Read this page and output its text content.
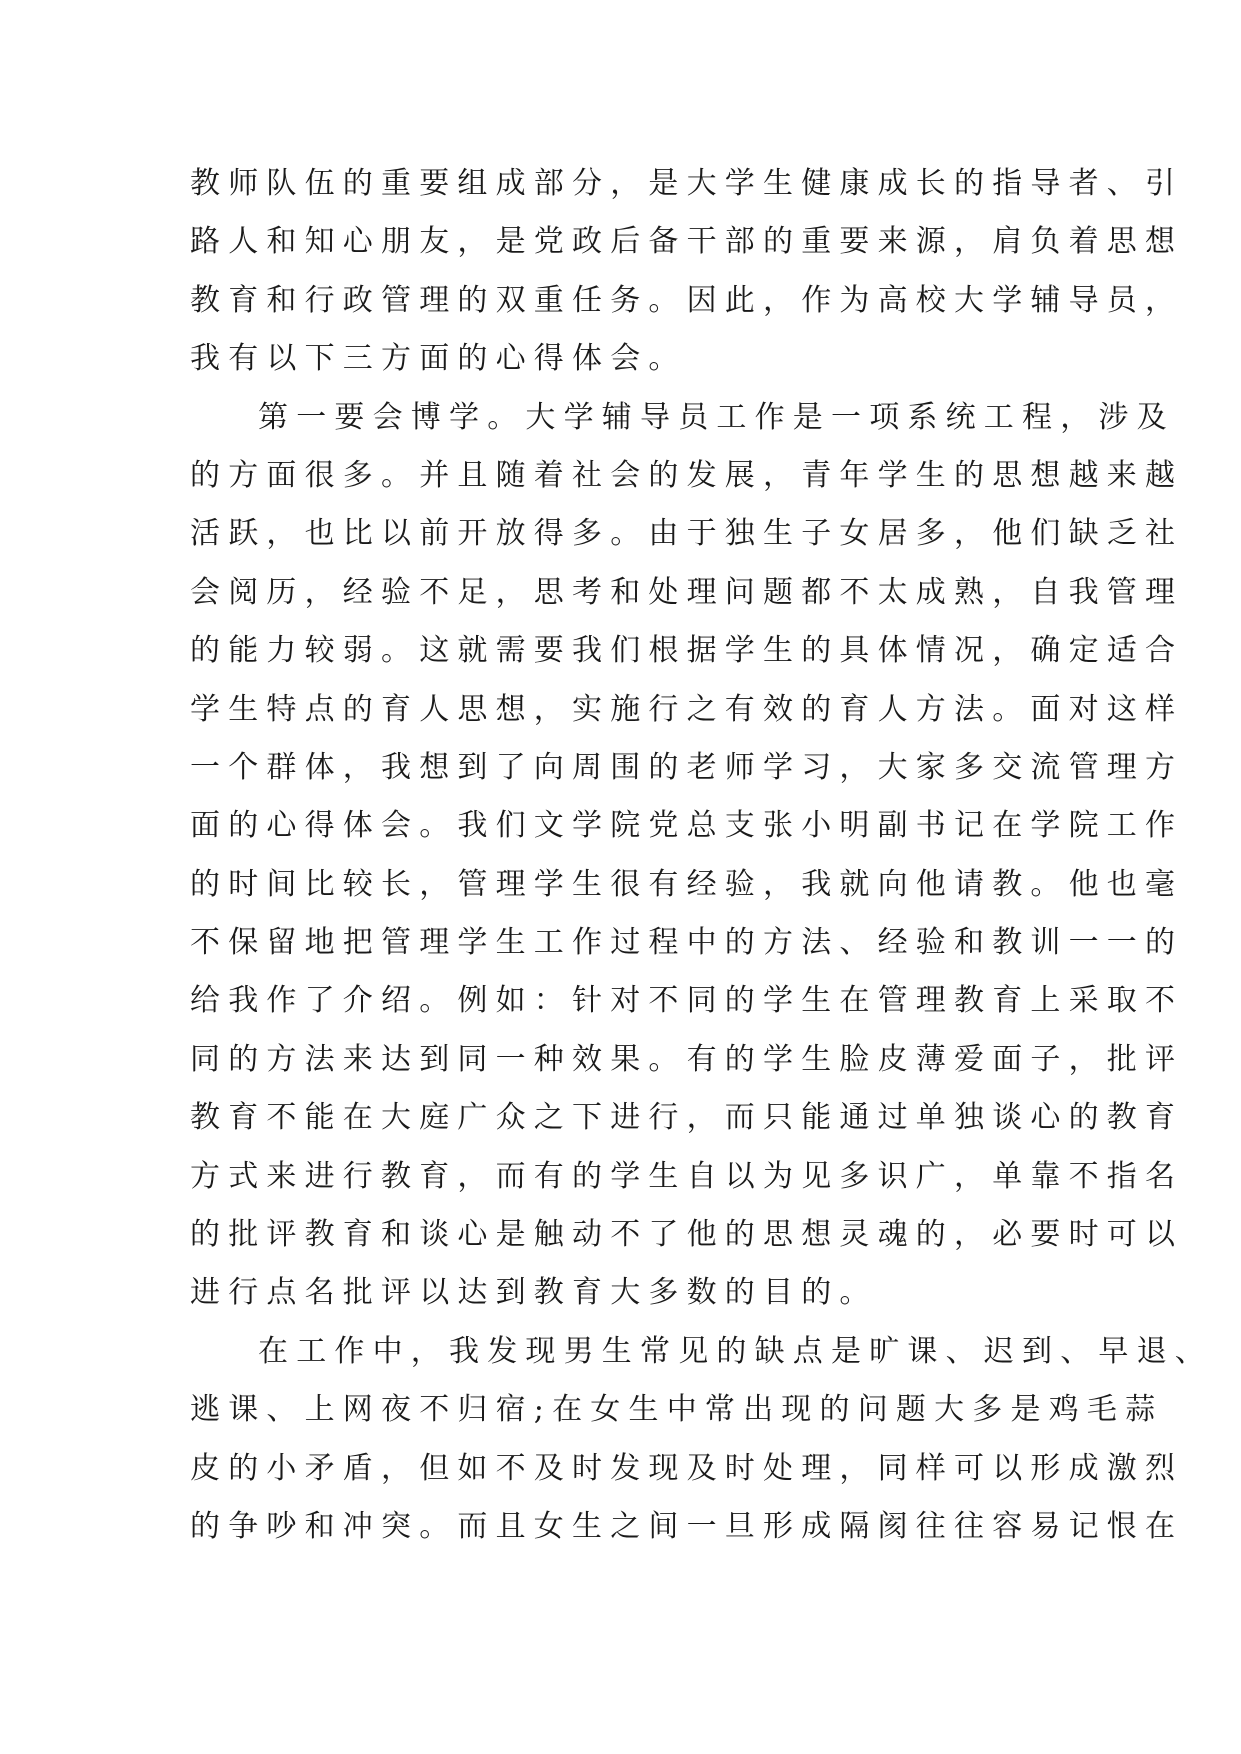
教师队伍的重要组成部分，是大学生健康成长的指导者、引
路人和知心朋友，是党政后备干部的重要来源，肩负着思想
教育和行政管理的双重任务。因此，作为高校大学辅导员，
我有以下三方面的心得体会。
第一要会博学。大学辅导员工作是一项系统工程，涉及
的方面很多。并且随着社会的发展，青年学生的思想越来越
活跃，也比以前开放得多。由于独生子女居多，他们缺乏社
会阅历，经验不足，思考和处理问题都不太成熟，自我管理
的能力较弱。这就需要我们根据学生的具体情况，确定适合
学生特点的育人思想，实施行之有效的育人方法。面对这样
一个群体，我想到了向周围的老师学习，大家多交流管理方
面的心得体会。我们文学院党总支张小明副书记在学院工作
的时间比较长，管理学生很有经验，我就向他请教。他也毫
不保留地把管理学生工作过程中的方法、经验和教训一一的
给我作了介绍。例如：针对不同的学生在管理教育上采取不
同的方法来达到同一种效果。有的学生脸皮薄爱面子，批评
教育不能在大庭广众之下进行，而只能通过单独谈心的教育
方式来进行教育，而有的学生自以为见多识广，单靠不指名
的批评教育和谈心是触动不了他的思想灵魂的，必要时可以
进行点名批评以达到教育大多数的目的。
在工作中，我发现男生常见的缺点是旷课、迟到、早退、
逃课、上网夜不归宿;在女生中常出现的问题大多是鸡毛蒜
皮的小矛盾，但如不及时发现及时处理，同样可以形成激烈
的争吵和冲突。而且女生之间一旦形成隔阂往往容易记恨在
